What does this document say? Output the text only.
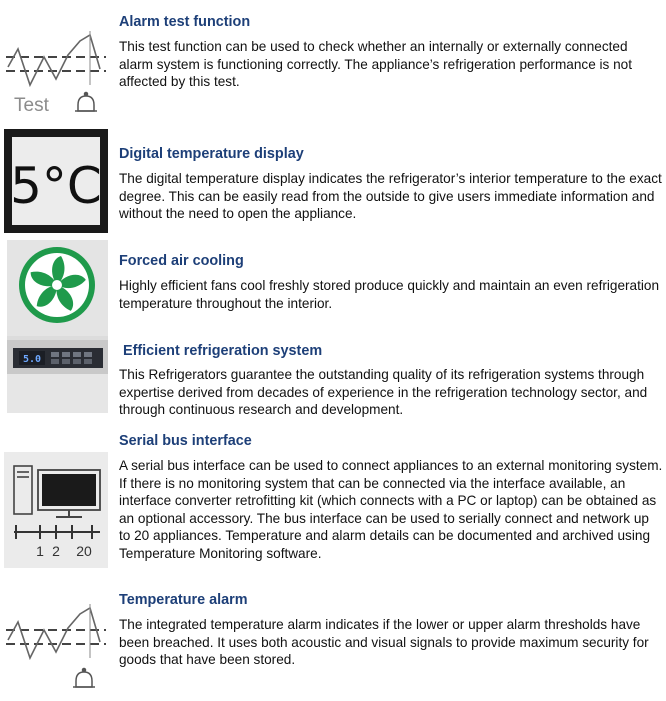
Test
Alarm test function

This test function can be used to check whether an internally or externally connected alarm system is functioning correctly. The appliance’s refrigeration performance is not affected by this test.

5°C
Digital temperature display

The digital temperature display indicates the refrigerator’s interior temperature to the exact degree. This can be easily read from the outside to give users immediate information and without the need to open the appliance.

5.0
Forced air cooling

Highly efficient fans cool freshly stored produce quickly and maintain an even refrigeration temperature throughout the interior.

Efficient refrigeration system

This Refrigerators guarantee the outstanding quality of its refrigeration systems through expertise derived from decades of experience in the refrigeration technology sector, and through continuous research and development.

1 2 20
Serial bus interface

A serial bus interface can be used to connect appliances to an external monitoring system. If there is no monitoring system that can be connected via the interface available, an interface converter retrofitting kit (which connects with a PC or laptop) can be obtained as an optional accessory. The bus interface can be used to serially connect and network up to 20 appliances. Temperature and alarm details can be documented and archived using Temperature Monitoring software.

Temperature alarm

The integrated temperature alarm indicates if the lower or upper alarm thresholds have been breached. It uses both acoustic and visual signals to provide maximum security for goods that have been stored.
